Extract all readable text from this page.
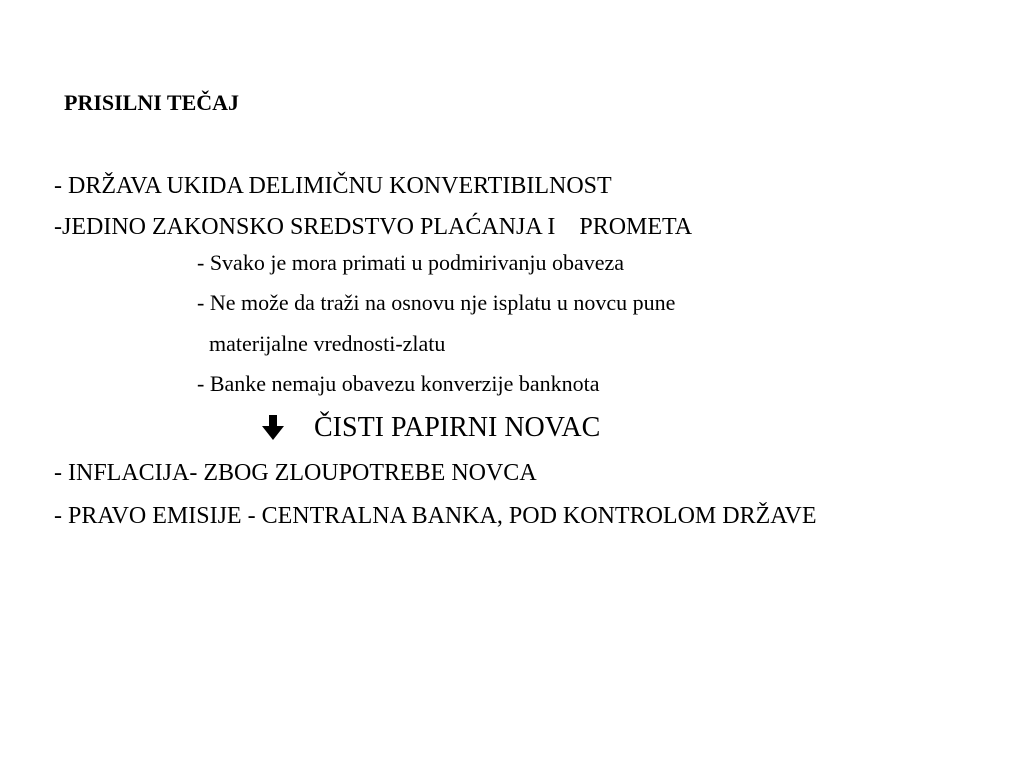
PRISILNI TEČAJ
- DRŽAVA UKIDA DELIMIČNU KONVERTIBILNOST
-JEDINO ZAKONSKO SREDSTVO PLAĆANJA I    PROMETA
- Svako je mora primati u podmirivanju obaveza
- Ne može da traži na osnovu nje isplatu u novcu pune
materijalne vrednosti-zlatu
- Banke nemaju obavezu konverzije banknota
ČISTI PAPIRNI NOVAC
- INFLACIJA- ZBOG ZLOUPOTREBE NOVCA
- PRAVO EMISIJE - CENTRALNA BANKA, POD KONTROLOM DRŽAVE
